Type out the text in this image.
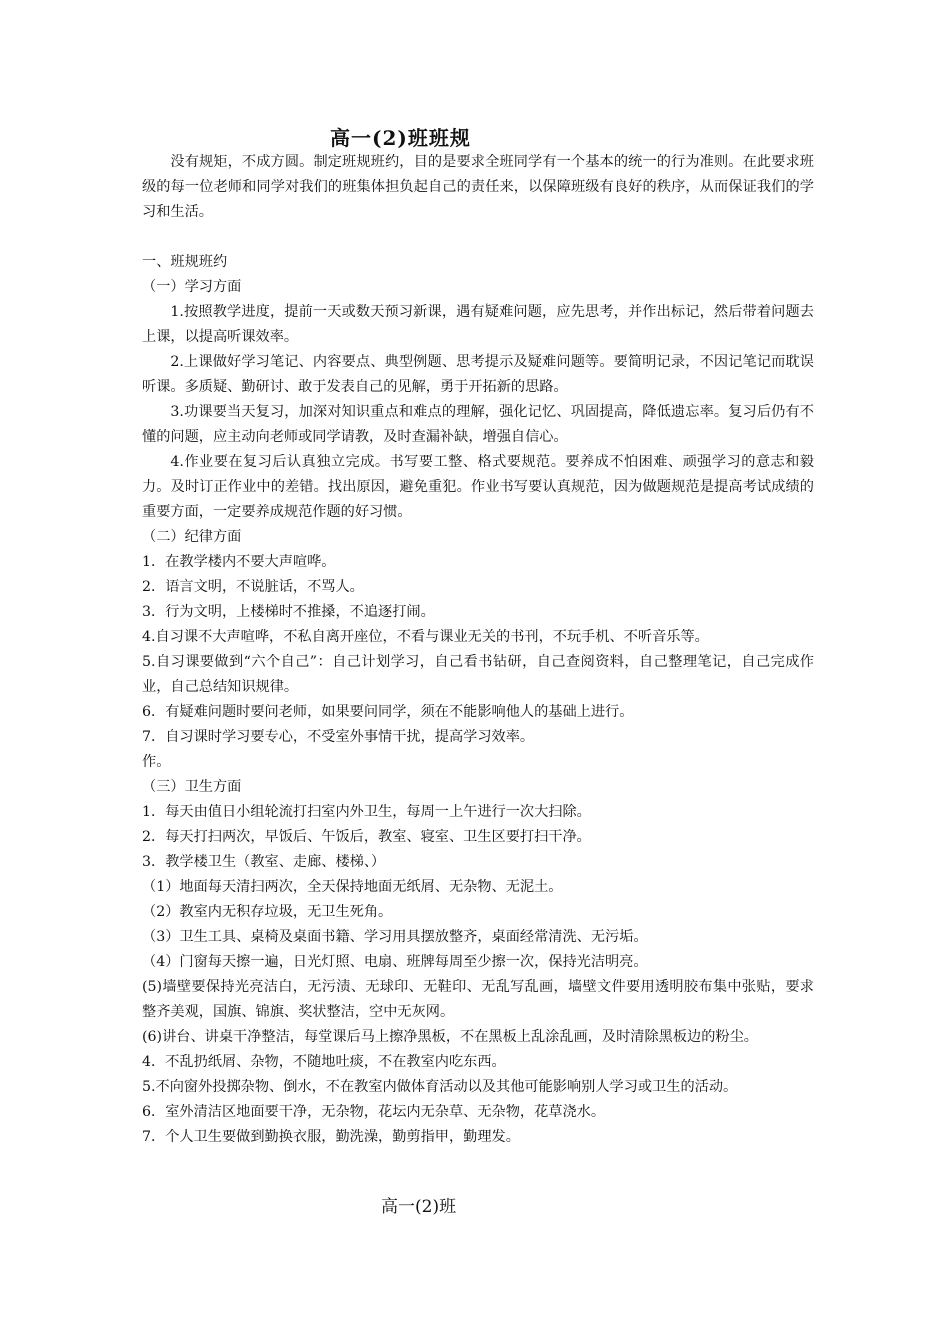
高一(2)班班规

没有规矩，不成方圆。制定班规班约，目的是要求全班同学有一个基本的统一的行为准则。在此要求班级的每一位老师和同学对我们的班集体担负起自己的责任来，以保障班级有良好的秩序，从而保证我们的学习和生活。

一、班规班约

（一）学习方面

1.按照教学进度，提前一天或数天预习新课，遇有疑难问题，应先思考，并作出标记，然后带着问题去上课，以提高听课效率。

2.上课做好学习笔记、内容要点、典型例题、思考提示及疑难问题等。要简明记录，不因记笔记而耽误听课。多质疑、勤研讨、敢于发表自己的见解，勇于开拓新的思路。

3.功课要当天复习，加深对知识重点和难点的理解，强化记忆、巩固提高，降低遗忘率。复习后仍有不懂的问题，应主动向老师或同学请教，及时查漏补缺，增强自信心。

4.作业要在复习后认真独立完成。书写要工整、格式要规范。要养成不怕困难、顽强学习的意志和毅力。及时订正作业中的差错。找出原因，避免重犯。作业书写要认真规范，因为做题规范是提高考试成绩的重要方面，一定要养成规范作题的好习惯。

（二）纪律方面

1．在教学楼内不要大声喧哗。

2．语言文明，不说脏话，不骂人。

3．行为文明，上楼梯时不推搡，不追逐打闹。

4.自习课不大声喧哗，不私自离开座位，不看与课业无关的书刊，不玩手机、不听音乐等。

5.自习课要做到“六个自己”：自己计划学习，自己看书钻研，自己查阅资料，自己整理笔记，自己完成作业，自己总结知识规律。

6．有疑难问题时要问老师，如果要问同学，须在不能影响他人的基础上进行。

7．自习课时学习要专心，不受室外事情干扰，提高学习效率。

作。

（三）卫生方面

1．每天由值日小组轮流打扫室内外卫生，每周一上午进行一次大扫除。

2．每天打扫两次，早饭后、午饭后，教室、寝室、卫生区要打扫干净。

3．教学楼卫生（教室、走廊、楼梯、）

（1）地面每天清扫两次，全天保持地面无纸屑、无杂物、无泥土。

（2）教室内无积存垃圾，无卫生死角。

（3）卫生工具、桌椅及桌面书籍、学习用具摆放整齐，桌面经常清洗、无污垢。

（4）门窗每天擦一遍，日光灯照、电扇、班牌每周至少擦一次，保持光洁明亮。

(5)墙壁要保持光亮洁白，无污渍、无球印、无鞋印、无乱写乱画，墙壁文件要用透明胶布集中张贴，要求整齐美观，国旗、锦旗、奖状整洁，空中无灰网。

(6)讲台、讲桌干净整洁，每堂课后马上擦净黑板，不在黑板上乱涂乱画，及时清除黑板边的粉尘。

4．不乱扔纸屑、杂物，不随地吐痰，不在教室内吃东西。

5.不向窗外投掷杂物、倒水，不在教室内做体育活动以及其他可能影响别人学习或卫生的活动。

6．室外清洁区地面要干净，无杂物，花坛内无杂草、无杂物，花草浇水。

7．个人卫生要做到勤换衣服，勤洗澡，勤剪指甲，勤理发。

高一(2)班
